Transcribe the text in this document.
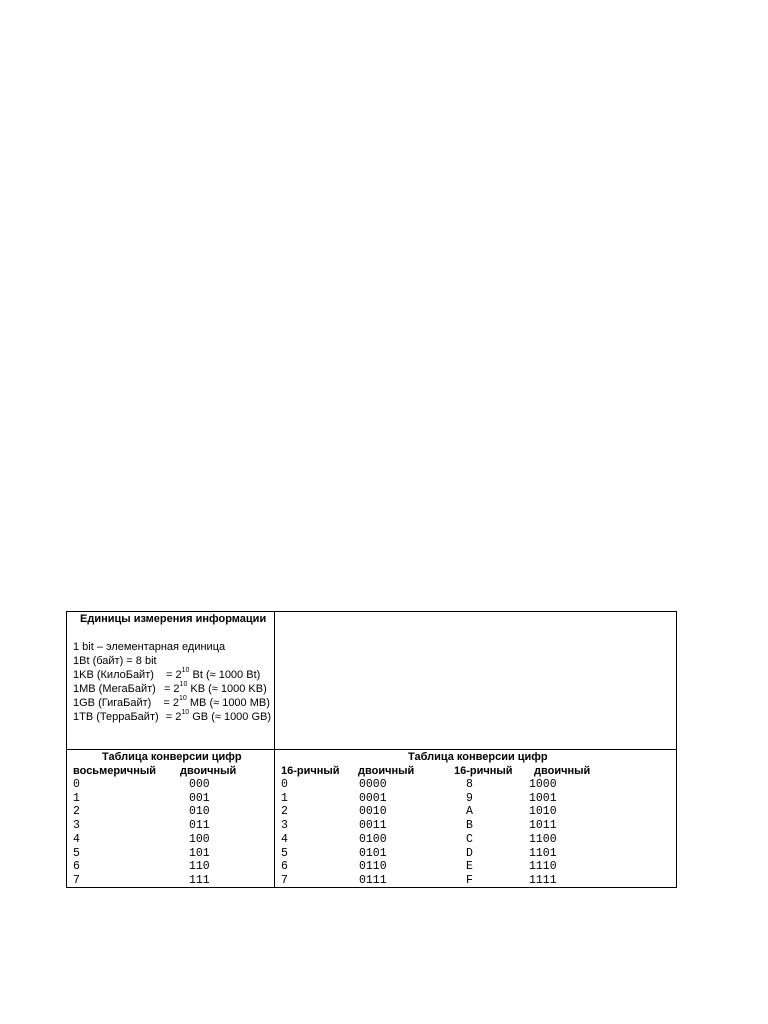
Единицы измерения информации
1 bit – элементарная единица
1Bt (байт) = 8 bit
1KB (КилоБайт) = $2^{10}$ Bt (≈ 1000 Bt)
1MB (МегаБайт) = $2^{10}$ KB (≈ 1000 KB)
1GB (ГигаБайт) = $2^{10}$ MB (≈ 1000 MB)
1TB (ТерраБайт) = $2^{10}$ GB (≈ 1000 GB)
Таблица конверсии цифр
восьмеричный двоичный
0
1
2
3
4
5
6
7
000
001
010
011
100
101
110
111
Таблица конверсии цифр
16-ричный двоичный	16-ричный двоичный
0
1
2
3
4
5
6
7
0000
0001
0010
0011
0100
0101
0110
0111
8
9
A
B
C
D
E
F
1000
1001
1010
1011
1100
1101
1110
1111
